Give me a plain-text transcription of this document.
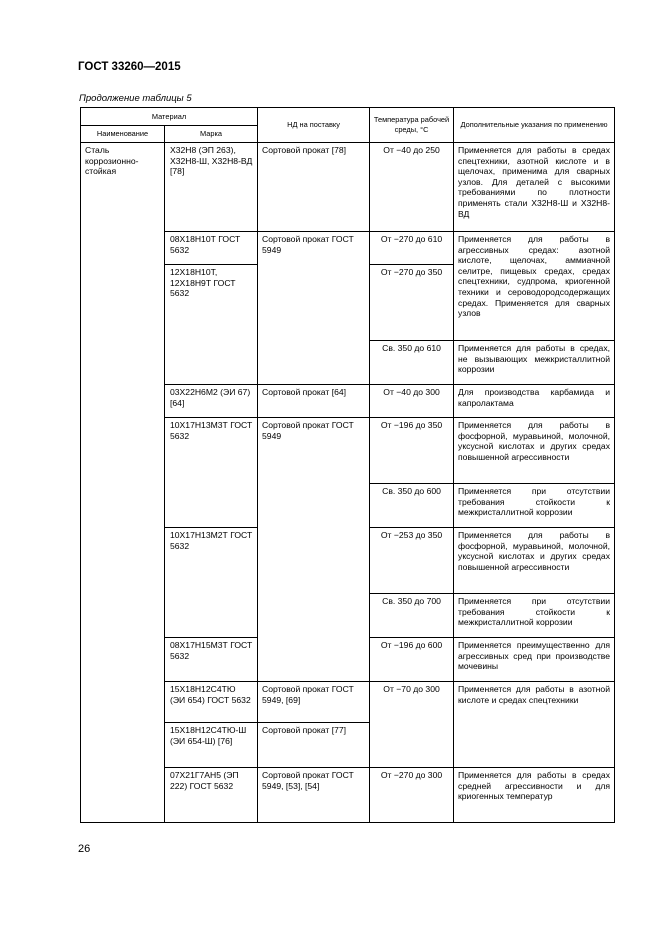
ГОСТ 33260—2015
Продолжение таблицы 5
Материал		НД на поставку	Температура рабочей среды, °С	Дополнительные указания по применению
Наименование	Марка			
Сталь коррозионно-стойкая	Х32Н8 (ЭП 263), Х32Н8-Ш, Х32Н8-ВД [78]	Сортовой прокат [78]	От −40 до 250	Применяется для работы в средах спецтехники, азотной кислоте и в щелочах, применима для сварных узлов. Для деталей с высокими требованиями по плотности применять стали Х32Н8-Ш и Х32Н8-ВД
	08Х18Н10Т ГОСТ 5632	Сортовой прокат ГОСТ 5949	От −270 до 610	Применяется для работы в агрессивных средах: азотной кислоте, щелочах, аммиачной селитре, пищевых средах, средах спецтехники, судпрома, криогенной техники и сероводородсодержащих средах. Применяется для сварных узлов
	12Х18Н10Т, 12Х18Н9Т ГОСТ 5632		От −270 до 350	
			Св. 350 до 610	Применяется для работы в средах, не вызывающих межкристаллитной коррозии
	03Х22Н6М2 (ЭИ 67) [64]	Сортовой прокат [64]	От −40 до 300	Для производства карбамида и капролактама
	10Х17Н13М3Т ГОСТ 5632	Сортовой прокат ГОСТ 5949	От −196 до 350	Применяется для работы в фосфорной, муравьиной, молочной, уксусной кислотах и других средах повышенной агрессивности
			Св. 350 до 600	Применяется при отсутствии требования стойкости к межкристаллитной коррозии
	10Х17Н13М2Т ГОСТ 5632		От −253 до 350	Применяется для работы в фосфорной, муравьиной, молочной, уксусной кислотах и других средах повышенной агрессивности
			Св. 350 до 700	Применяется при отсутствии требования стойкости к межкристаллитной коррозии
	08Х17Н15М3Т ГОСТ 5632		От −196 до 600	Применяется преимущественно для агрессивных сред при производстве мочевины
	15Х18Н12С4ТЮ (ЭИ 654) ГОСТ 5632	Сортовой прокат ГОСТ 5949, [69]	От −70 до 300	Применяется для работы в азотной кислоте и средах спецтехники
	15Х18Н12С4ТЮ-Ш (ЭИ 654-Ш) [76]	Сортовой прокат [77]		
	07Х21Г7АН5 (ЭП 222) ГОСТ 5632	Сортовой прокат ГОСТ 5949, [53], [54]	От −270 до 300	Применяется для работы в средах средней агрессивности и для криогенных температур
26
